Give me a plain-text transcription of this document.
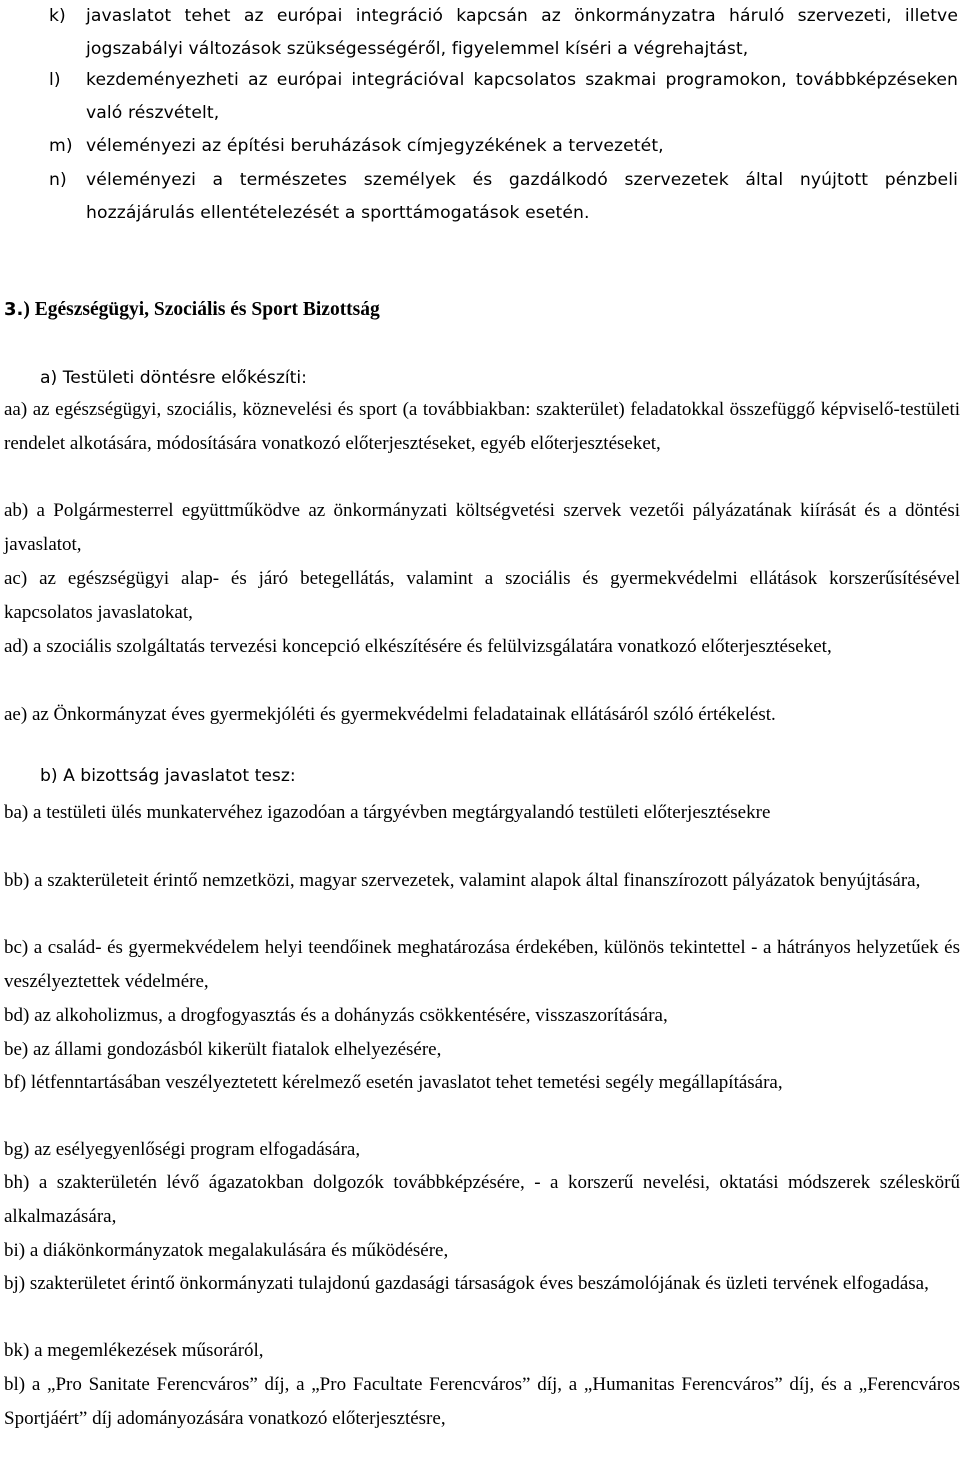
k) javaslatot tehet az európai integráció kapcsán az önkormányzatra háruló szervezeti, illetve jogszabályi változások szükségességéről, figyelemmel kíséri a végrehajtást,
l) kezdeményezheti az európai integrációval kapcsolatos szakmai programokon, továbbképzéseken való részvételt,
m) véleményezi az építési beruházások címjegyzékének a tervezetét,
n) véleményezi a természetes személyek és gazdálkodó szervezetek által nyújtott pénzbeli hozzájárulás ellentételezését a sporttámogatások esetén.
3.) Egészségügyi, Szociális és Sport Bizottság
a) Testületi döntésre előkészíti:
aa) az egészségügyi, szociális, köznevelési és sport (a továbbiakban: szakterület) feladatokkal összefüggő képviselő-testületi rendelet alkotására, módosítására vonatkozó előterjesztéseket, egyéb előterjesztéseket,
ab) a Polgármesterrel együttműködve az önkormányzati költségvetési szervek vezetői pályázatának kiírását és a döntési javaslatot,
ac) az egészségügyi alap- és járó betegellátás, valamint a szociális és gyermekvédelmi ellátások korszerűsítésével kapcsolatos javaslatokat,
ad) a szociális szolgáltatás tervezési koncepció elkészítésére és felülvizsgálatára vonatkozó előterjesztéseket,
ae) az Önkormányzat éves gyermekjóléti és gyermekvédelmi feladatainak ellátásáról szóló értékelést.
b) A bizottság javaslatot tesz:
ba) a testületi ülés munkatervéhez igazodóan a tárgyévben megtárgyalandó testületi előterjesztésekre
bb) a szakterületeit érintő nemzetközi, magyar szervezetek, valamint alapok által finanszírozott pályázatok benyújtására,
bc) a család- és gyermekvédelem helyi teendőinek meghatározása érdekében, különös tekintettel - a hátrányos helyzetűek és veszélyeztettek védelmére,
bd) az alkoholizmus, a drogfogyasztás és a dohányzás csökkentésére, visszaszorítására,
be) az állami gondozásból kikerült fiatalok elhelyezésére,
bf) létfenntartásában veszélyeztetett kérelmező esetén javaslatot tehet temetési segély megállapítására,
bg) az esélyegyenlőségi program elfogadására,
bh) a szakterületén lévő ágazatokban dolgozók továbbképzésére, - a korszerű nevelési, oktatási módszerek széleskörű alkalmazására,
bi) a diákönkormányzatok megalakulására és működésére,
bj) szakterületet érintő önkormányzati tulajdonú gazdasági társaságok éves beszámolójának és üzleti tervének elfogadása,
bk) a megemlékezések műsoráról,
bl) a „Pro Sanitate Ferencváros” díj, a „Pro Facultate Ferencváros” díj, a „Humanitas Ferencváros” díj, és a „Ferencváros Sportjáért” díj adományozására vonatkozó előterjesztésre,
